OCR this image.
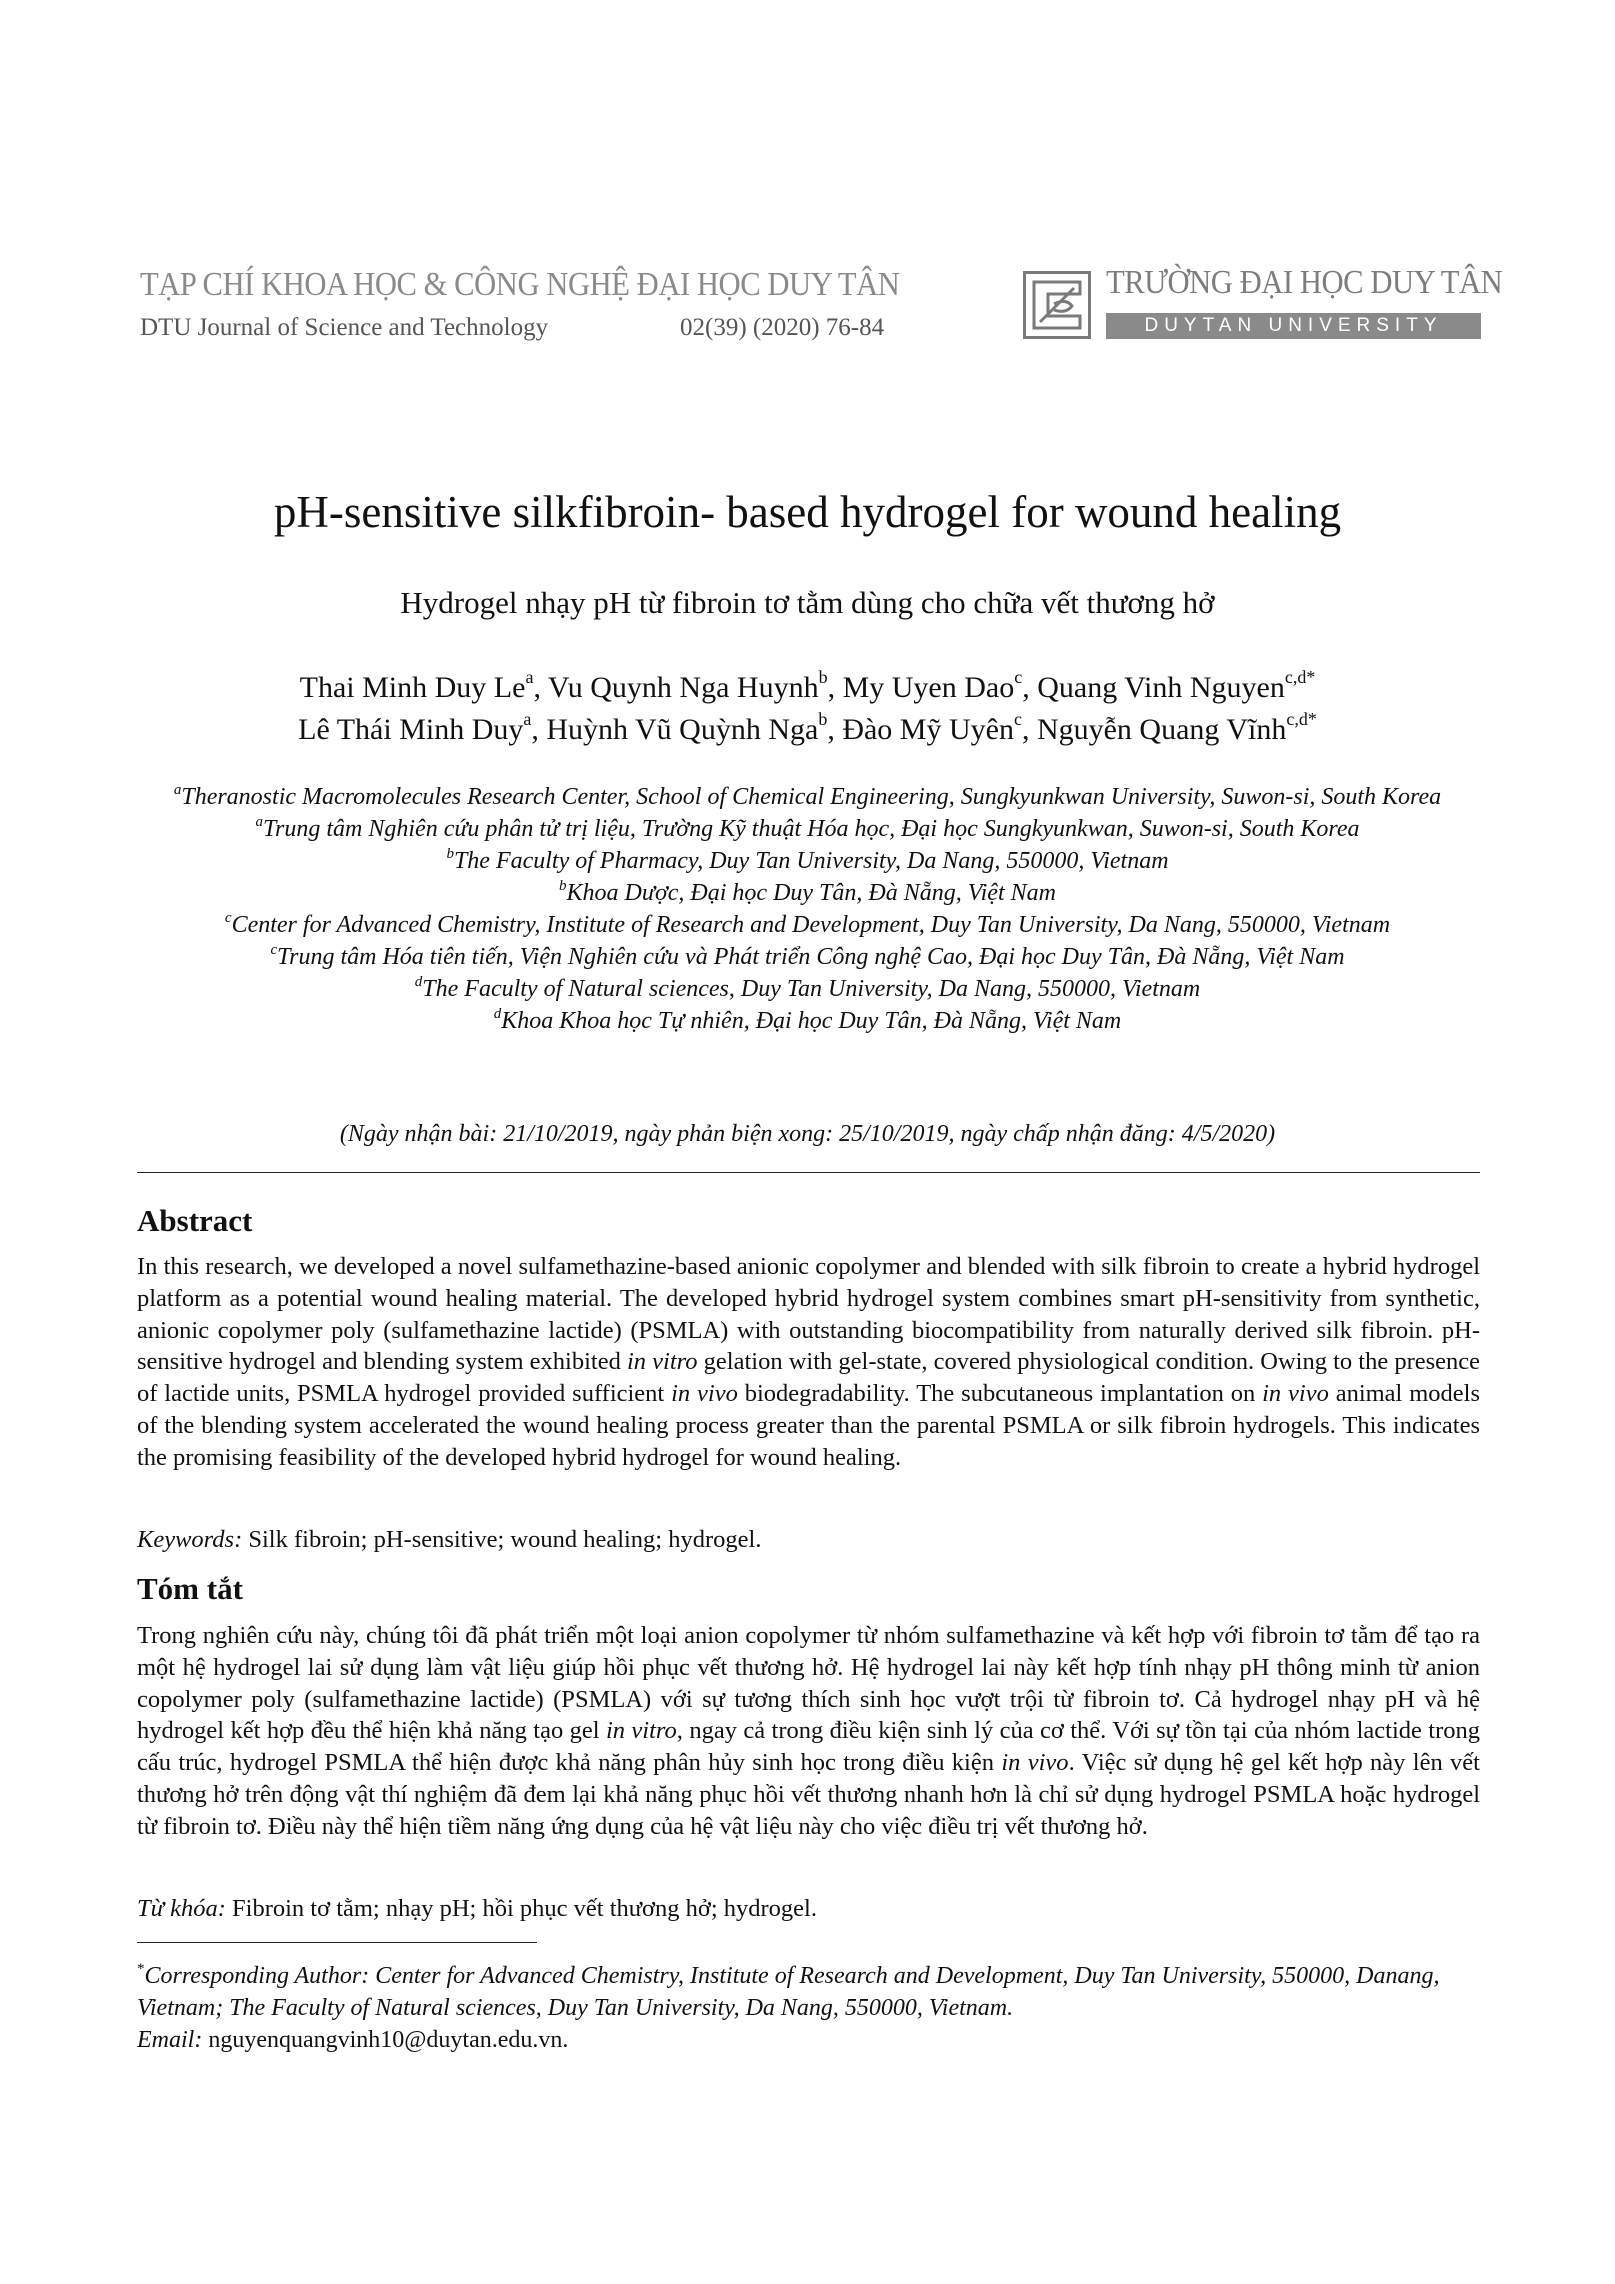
TẠP CHÍ KHOA HỌC & CÔNG NGHỆ ĐẠI HỌC DUY TÂN
DTU Journal of Science and Technology	02(39) (2020) 76-84
TRƯỜNG ĐẠI HỌC DUY TÂN
DUYTAN UNIVERSITY
pH-sensitive silkfibroin- based hydrogel for wound healing
Hydrogel nhạy pH từ fibroin tơ tằm dùng cho chữa vết thương hở
Thai Minh Duy Le$^a$, Vu Quynh Nga Huynh$^b$, My Uyen Dao$^c$, Quang Vinh Nguyen$^{c,d*}$
Lê Thái Minh Duy$^a$, Huỳnh Vũ Quỳnh Nga$^b$, Đào Mỹ Uyên$^c$, Nguyễn Quang Vĩnh$^{c,d*}$

$^a$Theranostic Macromolecules Research Center, School of Chemical Engineering, Sungkyunkwan University, Suwon-si, South Korea

$^a$Trung tâm Nghiên cứu phân tử trị liệu, Trường Kỹ thuật Hóa học, Đại học Sungkyunkwan, Suwon-si, South Korea

$^b$The Faculty of Pharmacy, Duy Tan University, Da Nang, 550000, Vietnam

$^b$Khoa Dược, Đại học Duy Tân, Đà Nẵng, Việt Nam

$^c$Center for Advanced Chemistry, Institute of Research and Development, Duy Tan University, Da Nang, 550000, Vietnam

$^c$Trung tâm Hóa tiên tiến, Viện Nghiên cứu và Phát triển Công nghệ Cao, Đại học Duy Tân, Đà Nẵng, Việt Nam

$^d$The Faculty of Natural sciences, Duy Tan University, Da Nang, 550000, Vietnam

$^d$Khoa Khoa học Tự nhiên, Đại học Duy Tân, Đà Nẵng, Việt Nam

(Ngày nhận bài: 21/10/2019, ngày phản biện xong: 25/10/2019, ngày chấp nhận đăng: 4/5/2020)
Abstract
In this research, we developed a novel sulfamethazine-based anionic copolymer and blended with silk fibroin to create a hybrid hydrogel platform as a potential wound healing material. The developed hybrid hydrogel system combines smart pH-sensitivity from synthetic, anionic copolymer poly (sulfamethazine lactide) (PSMLA) with outstanding biocompatibility from naturally derived silk fibroin. pH-sensitive hydrogel and blending system exhibited in vitro gelation with gel-state, covered physiological condition. Owing to the presence of lactide units, PSMLA hydrogel provided sufficient in vivo biodegradability. The subcutaneous implantation on in vivo animal models of the blending system accelerated the wound healing process greater than the parental PSMLA or silk fibroin hydrogels. This indicates the promising feasibility of the developed hybrid hydrogel for wound healing.
Keywords: Silk fibroin; pH-sensitive; wound healing; hydrogel.
Tóm tắt
Trong nghiên cứu này, chúng tôi đã phát triển một loại anion copolymer từ nhóm sulfamethazine và kết hợp với fibroin tơ tằm để tạo ra một hệ hydrogel lai sử dụng làm vật liệu giúp hồi phục vết thương hở. Hệ hydrogel lai này kết hợp tính nhạy pH thông minh từ anion copolymer poly (sulfamethazine lactide) (PSMLA) với sự tương thích sinh học vượt trội từ fibroin tơ. Cả hydrogel nhạy pH và hệ hydrogel kết hợp đều thể hiện khả năng tạo gel in vitro, ngay cả trong điều kiện sinh lý của cơ thể. Với sự tồn tại của nhóm lactide trong cấu trúc, hydrogel PSMLA thể hiện được khả năng phân hủy sinh học trong điều kiện in vivo. Việc sử dụng hệ gel kết hợp này lên vết thương hở trên động vật thí nghiệm đã đem lại khả năng phục hồi vết thương nhanh hơn là chỉ sử dụng hydrogel PSMLA hoặc hydrogel từ fibroin tơ. Điều này thể hiện tiềm năng ứng dụng của hệ vật liệu này cho việc điều trị vết thương hở.
Từ khóa: Fibroin tơ tằm; nhạy pH; hồi phục vết thương hở; hydrogel.
*Corresponding Author: Center for Advanced Chemistry, Institute of Research and Development, Duy Tan University, 550000, Danang, Vietnam; The Faculty of Natural sciences, Duy Tan University, Da Nang, 550000, Vietnam.
Email: nguyenquangvinh10@duytan.edu.vn.
